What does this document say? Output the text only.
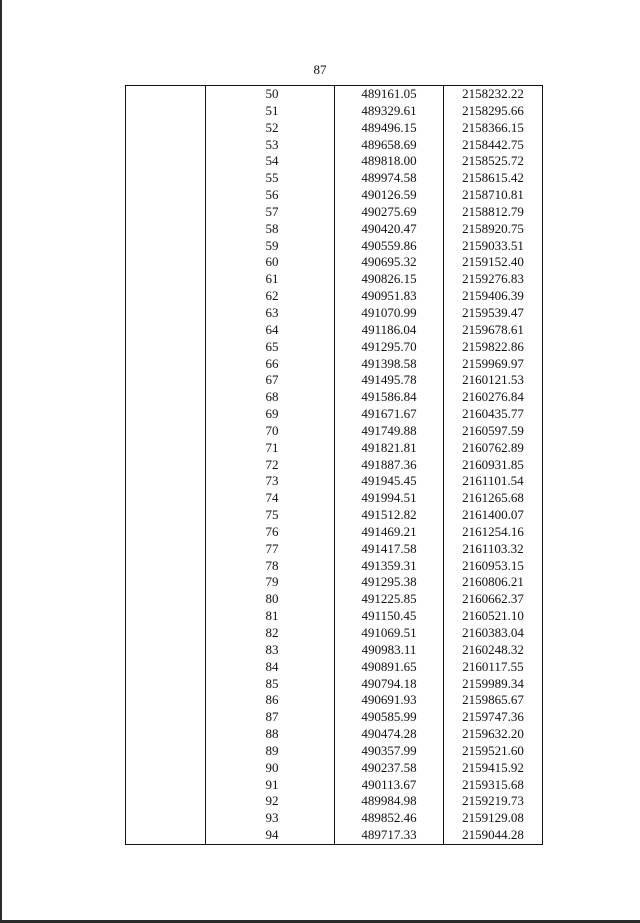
87
	50	489161.05	2158232.22
	51	489329.61	2158295.66
	52	489496.15	2158366.15
	53	489658.69	2158442.75
	54	489818.00	2158525.72
	55	489974.58	2158615.42
	56	490126.59	2158710.81
	57	490275.69	2158812.79
	58	490420.47	2158920.75
	59	490559.86	2159033.51
	60	490695.32	2159152.40
	61	490826.15	2159276.83
	62	490951.83	2159406.39
	63	491070.99	2159539.47
	64	491186.04	2159678.61
	65	491295.70	2159822.86
	66	491398.58	2159969.97
	67	491495.78	2160121.53
	68	491586.84	2160276.84
	69	491671.67	2160435.77
	70	491749.88	2160597.59
	71	491821.81	2160762.89
	72	491887.36	2160931.85
	73	491945.45	2161101.54
	74	491994.51	2161265.68
	75	491512.82	2161400.07
	76	491469.21	2161254.16
	77	491417.58	2161103.32
	78	491359.31	2160953.15
	79	491295.38	2160806.21
	80	491225.85	2160662.37
	81	491150.45	2160521.10
	82	491069.51	2160383.04
	83	490983.11	2160248.32
	84	490891.65	2160117.55
	85	490794.18	2159989.34
	86	490691.93	2159865.67
	87	490585.99	2159747.36
	88	490474.28	2159632.20
	89	490357.99	2159521.60
	90	490237.58	2159415.92
	91	490113.67	2159315.68
	92	489984.98	2159219.73
	93	489852.46	2159129.08
	94	489717.33	2159044.28
